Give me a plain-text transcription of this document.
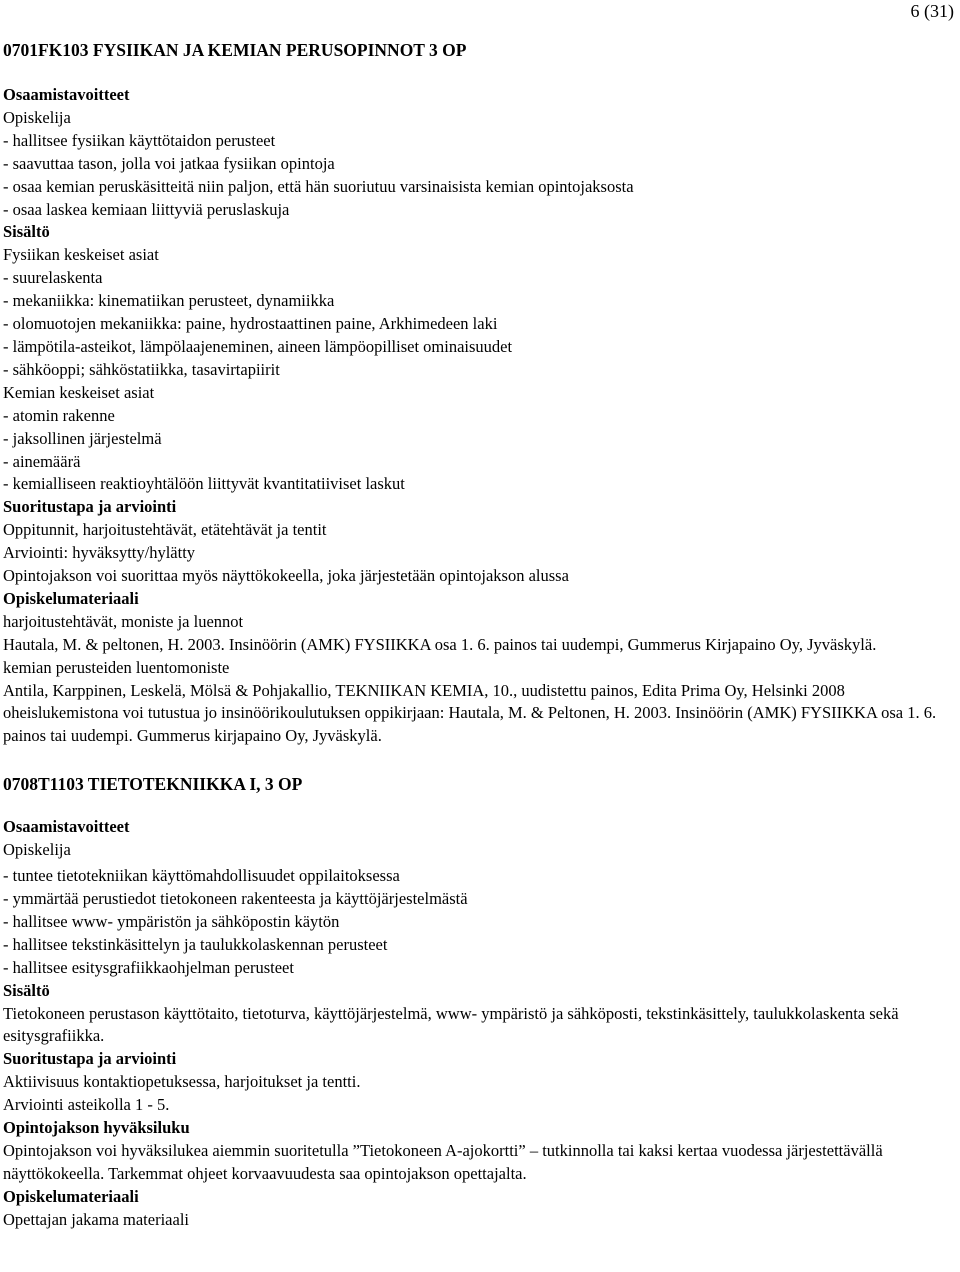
6 (31)
0701FK103 FYSIIKAN JA KEMIAN PERUSOPINNOT 3 OP
Osaamistavoitteet
Opiskelija
- hallitsee fysiikan käyttötaidon perusteet
- saavuttaa tason, jolla voi jatkaa fysiikan opintoja
- osaa kemian peruskäsitteitä niin paljon, että hän suoriutuu varsinaisista kemian opintojaksosta
- osaa laskea kemiaan liittyviä peruslaskuja
Sisältö
Fysiikan keskeiset asiat
- suurelaskenta
- mekaniikka: kinematiikan perusteet, dynamiikka
- olomuotojen mekaniikka: paine, hydrostaattinen paine, Arkhimedeen laki
- lämpötila-asteikot, lämpölaajeneminen, aineen lämpöopilliset ominaisuudet
- sähköoppi; sähköstatiikka, tasavirtapiirit
Kemian keskeiset asiat
- atomin rakenne
- jaksollinen järjestelmä
- ainemäärä
- kemialliseen reaktioyhtälöön liittyvät kvantitatiiviset laskut
Suoritustapa ja arviointi
Oppitunnit, harjoitustehtävät, etätehtävät ja tentit
Arviointi: hyväksytty/hylätty
Opintojakson voi suorittaa myös näyttökokeella, joka järjestetään opintojakson alussa
Opiskelumateriaali
harjoitustehtävät, moniste ja luennot
Hautala, M. & peltonen, H. 2003. Insinöörin (AMK) FYSIIKKA osa 1. 6. painos tai uudempi, Gummerus Kirjapaino Oy, Jyväskylä.
kemian perusteiden luentomoniste
Antila, Karppinen, Leskelä, Mölsä & Pohjakallio, TEKNIIKAN KEMIA, 10., uudistettu painos, Edita Prima Oy, Helsinki 2008
oheislukemistona voi tutustua jo insinöörikoulutuksen oppikirjaan: Hautala, M. & Peltonen, H. 2003. Insinöörin (AMK) FYSIIKKA osa 1. 6. painos tai uudempi. Gummerus kirjapaino Oy, Jyväskylä.
0708T1103 TIETOTEKNIIKKA I, 3 OP
Osaamistavoitteet
Opiskelija
- tuntee tietotekniikan käyttömahdollisuudet oppilaitoksessa
- ymmärtää perustiedot tietokoneen rakenteesta ja käyttöjärjestelmästä
- hallitsee www- ympäristön ja sähköpostin käytön
- hallitsee tekstinkäsittelyn ja taulukkolaskennan perusteet
- hallitsee esitysgrafiikkaohjelman perusteet
Sisältö
Tietokoneen perustason käyttötaito, tietoturva, käyttöjärjestelmä, www- ympäristö ja sähköposti, tekstinkäsittely, taulukkolaskenta sekä esitysgrafiikka.
Suoritustapa ja arviointi
Aktiivisuus kontaktiopetuksessa, harjoitukset ja tentti.
Arviointi asteikolla 1 - 5.
Opintojakson hyväksiluku
Opintojakson voi hyväksilukea aiemmin suoritetulla ”Tietokoneen A-ajokortti” – tutkinnolla tai kaksi kertaa vuodessa järjestettävällä näyttökokeella. Tarkemmat ohjeet korvaavuudesta saa opintojakson opettajalta.
Opiskelumateriaali
Opettajan jakama materiaali
